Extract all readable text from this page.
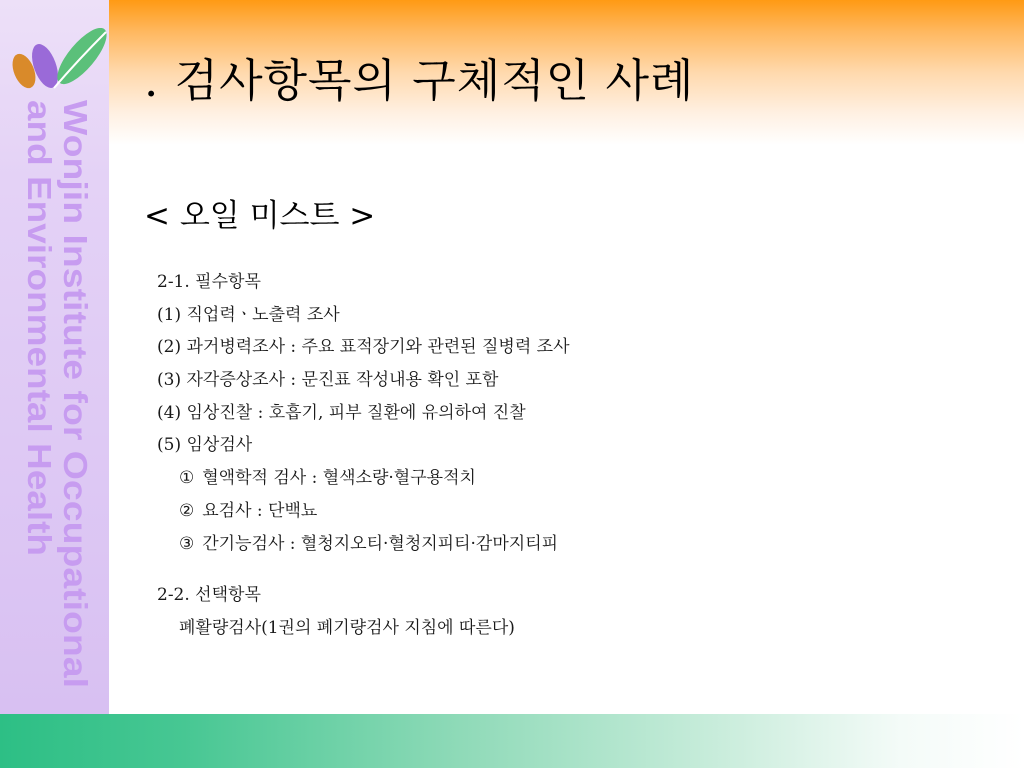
Wonjin Institute for Occupational
and Environmental Health
. 검사항목의 구체적인 사례
< 오일 미스트 >
2-1. 필수항목
(1) 직업력ㆍ노출력 조사
(2) 과거병력조사 : 주요 표적장기와 관련된 질병력 조사
(3) 자각증상조사 : 문진표 작성내용 확인 포함
(4) 임상진찰 : 호흡기, 피부 질환에 유의하여 진찰
(5) 임상검사
① 혈액학적 검사 : 혈색소량·혈구용적치
② 요검사 : 단백뇨
③ 간기능검사 : 혈청지오티·혈청지피티·감마지티피
2-2. 선택항목
폐활량검사(1권의 폐기량검사 지침에 따른다)
